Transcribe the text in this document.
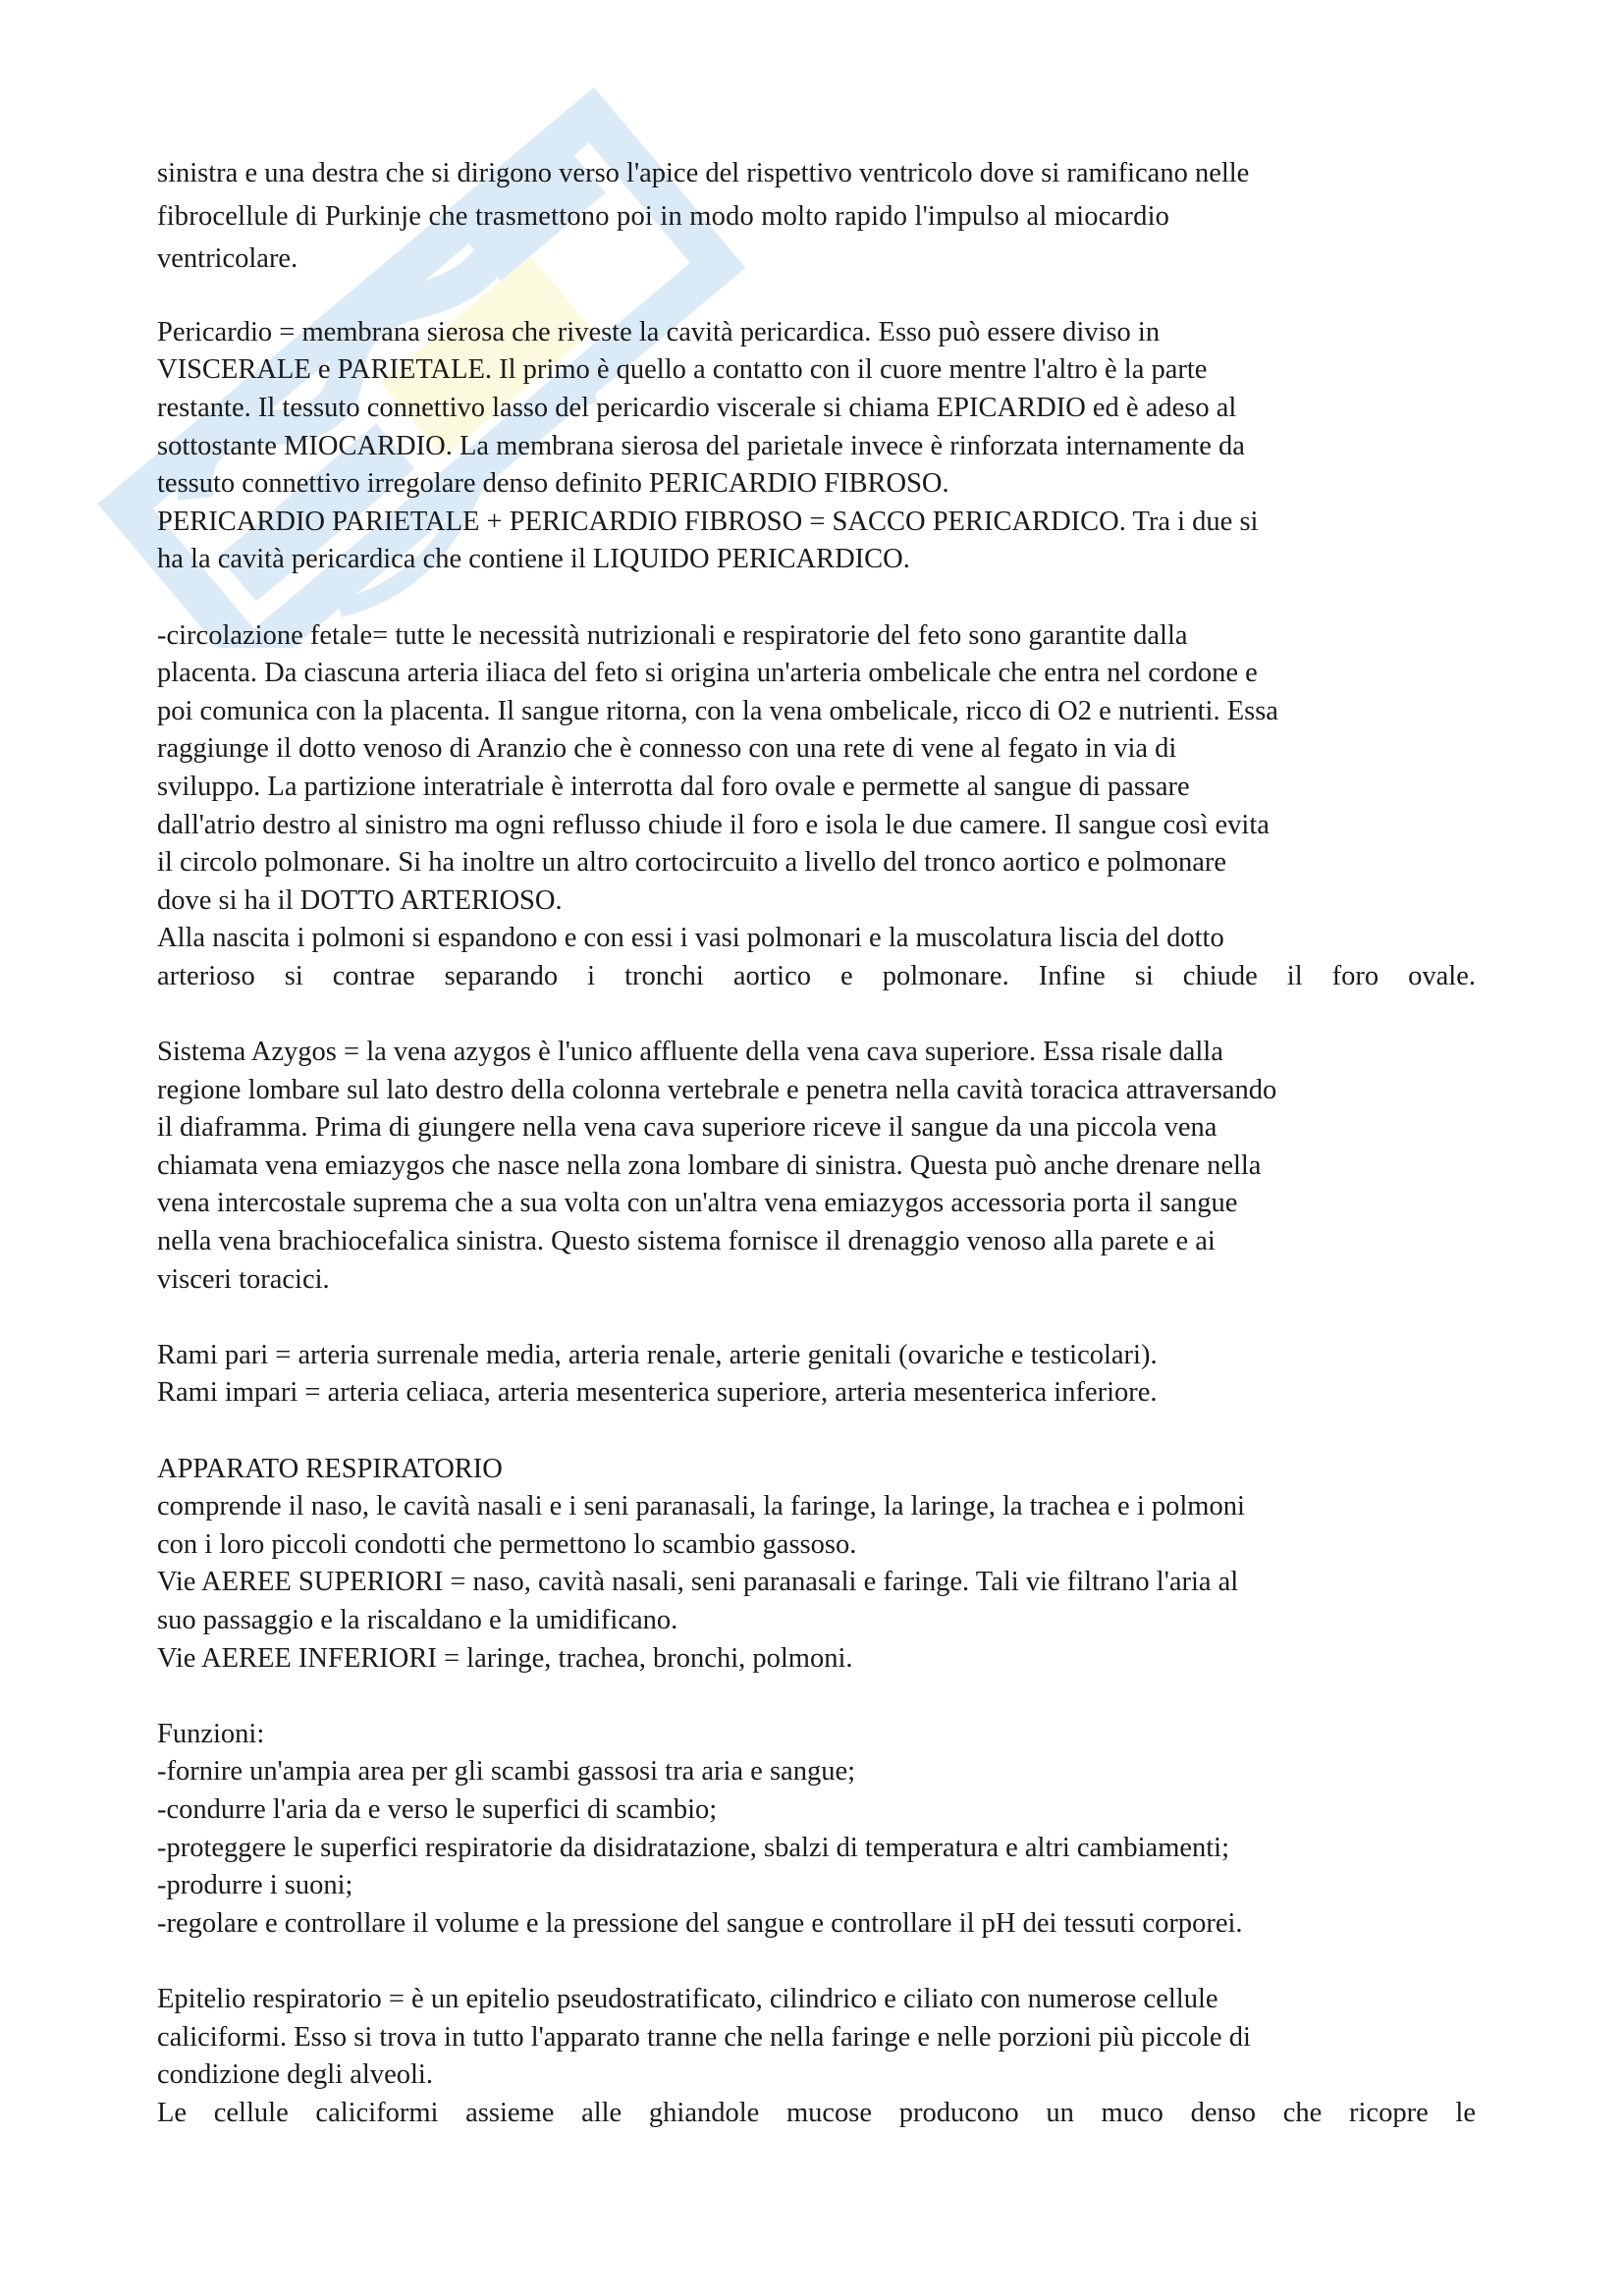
sinistra e una destra che si dirigono verso l'apice del rispettivo ventricolo dove si ramificano nelle
fibrocellule di Purkinje che trasmettono poi in modo molto rapido l'impulso al miocardio
ventricolare.
Pericardio = membrana sierosa che riveste la cavità pericardica. Esso può essere diviso in
VISCERALE e PARIETALE. Il primo è quello a contatto con il cuore mentre l'altro è la parte
restante. Il tessuto connettivo lasso del pericardio viscerale si chiama EPICARDIO ed è adeso al
sottostante MIOCARDIO. La membrana sierosa del parietale invece è rinforzata internamente da
tessuto connettivo irregolare denso definito PERICARDIO FIBROSO.
PERICARDIO PARIETALE + PERICARDIO FIBROSO = SACCO PERICARDICO. Tra i due si
ha la cavità pericardica che contiene il LIQUIDO PERICARDICO.
-circolazione fetale= tutte le necessità nutrizionali e respiratorie del feto sono garantite dalla
placenta. Da ciascuna arteria iliaca del feto si origina un'arteria ombelicale che entra nel cordone e
poi comunica con la placenta. Il sangue ritorna, con la vena ombelicale, ricco di O2 e nutrienti. Essa
raggiunge il dotto venoso di Aranzio che è connesso con una rete di vene al fegato in via di
sviluppo. La partizione interatriale è interrotta dal foro ovale e permette al sangue di passare
dall'atrio destro al sinistro ma ogni reflusso chiude il foro e isola le due camere. Il sangue così evita
il circolo polmonare. Si ha inoltre un altro cortocircuito a livello del tronco aortico e polmonare
dove si ha il DOTTO ARTERIOSO.
Alla nascita i polmoni si espandono e con essi i vasi polmonari e la muscolatura liscia del dotto
arterioso si contrae separando i tronchi aortico e polmonare. Infine si chiude il foro ovale.
Sistema Azygos = la vena azygos è l'unico affluente della vena cava superiore. Essa risale dalla
regione lombare sul lato destro della colonna vertebrale e penetra nella cavità toracica attraversando
il diaframma. Prima di giungere nella vena cava superiore riceve il sangue da una piccola vena
chiamata vena emiazygos che nasce nella zona lombare di sinistra. Questa può anche drenare nella
vena intercostale suprema che a sua volta con un'altra vena emiazygos accessoria porta il sangue
nella vena brachiocefalica sinistra. Questo sistema fornisce il drenaggio venoso alla parete e ai
visceri toracici.
Rami pari = arteria surrenale media, arteria renale, arterie genitali (ovariche e testicolari).
Rami impari = arteria celiaca, arteria mesenterica superiore, arteria mesenterica inferiore.
APPARATO RESPIRATORIO
comprende il naso, le cavità nasali e i seni paranasali, la faringe, la laringe, la trachea e i polmoni
con i loro piccoli condotti che permettono lo scambio gassoso.
Vie AEREE SUPERIORI = naso, cavità nasali, seni paranasali e faringe. Tali vie filtrano l'aria al
suo passaggio e la riscaldano e la umidificano.
Vie AEREE INFERIORI = laringe, trachea, bronchi, polmoni.
Funzioni:
-fornire un'ampia area per gli scambi gassosi tra aria e sangue;
-condurre l'aria da e verso le superfici di scambio;
-proteggere le superfici respiratorie da disidratazione, sbalzi di temperatura e altri cambiamenti;
-produrre i suoni;
-regolare e controllare il volume e la pressione del sangue e controllare il pH dei tessuti corporei.
Epitelio respiratorio = è un epitelio pseudostratificato, cilindrico e ciliato con numerose cellule
caliciformi. Esso si trova in tutto l'apparato tranne che nella faringe e nelle porzioni più piccole di
condizione degli alveoli.
Le cellule caliciformi assieme alle ghiandole mucose producono un muco denso che ricopre le
